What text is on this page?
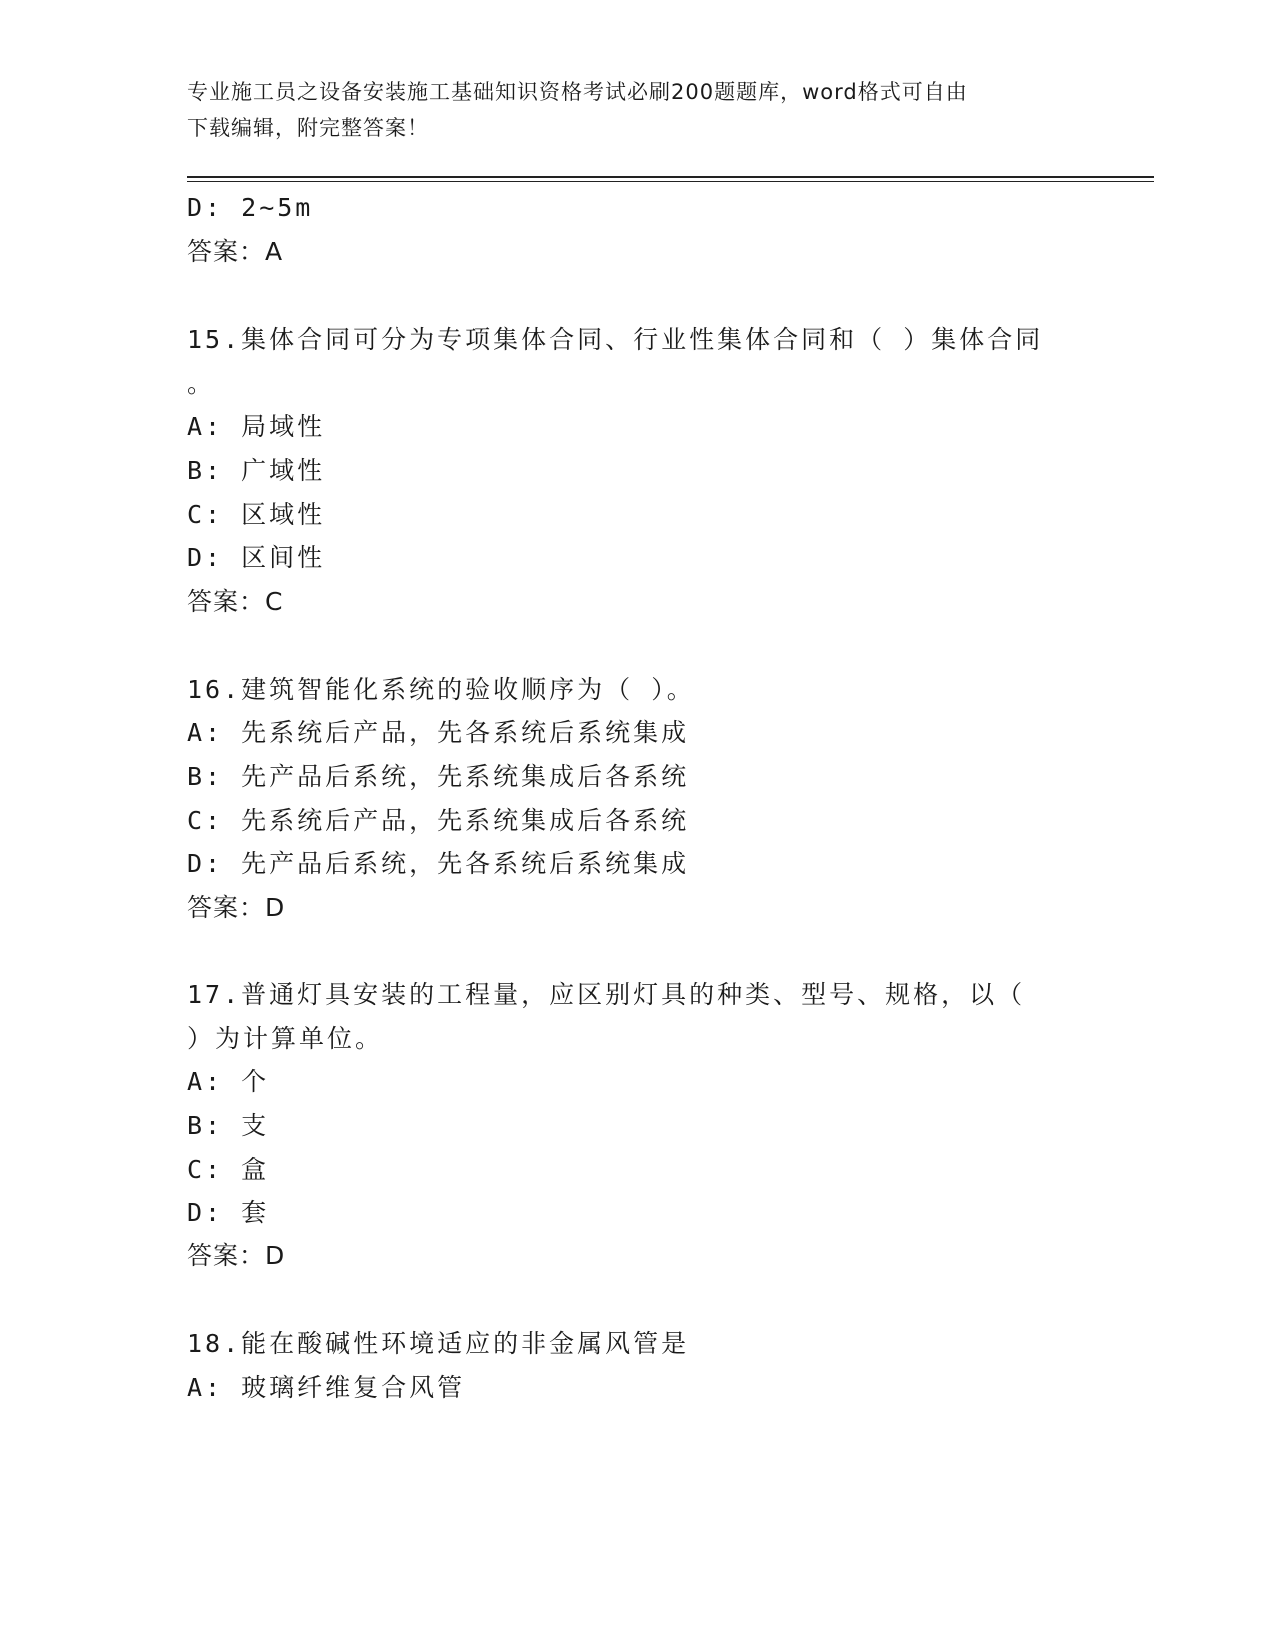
专业施工员之设备安装施工基础知识资格考试必刷200题题库，word格式可自由
下载编辑，附完整答案！
D: 2~5m
答案：A
15.集体合同可分为专项集体合同、行业性集体合同和（ ）集体合同
。
A: 局域性
B: 广域性
C: 区域性
D: 区间性
答案：C
16.建筑智能化系统的验收顺序为（ ）。
A: 先系统后产品，先各系统后系统集成
B: 先产品后系统，先系统集成后各系统
C: 先系统后产品，先系统集成后各系统
D: 先产品后系统，先各系统后系统集成
答案：D
17.普通灯具安装的工程量，应区别灯具的种类、型号、规格，以（
）为计算单位。
A: 个
B: 支
C: 盒
D: 套
答案：D
18.能在酸碱性环境适应的非金属风管是
A: 玻璃纤维复合风管
